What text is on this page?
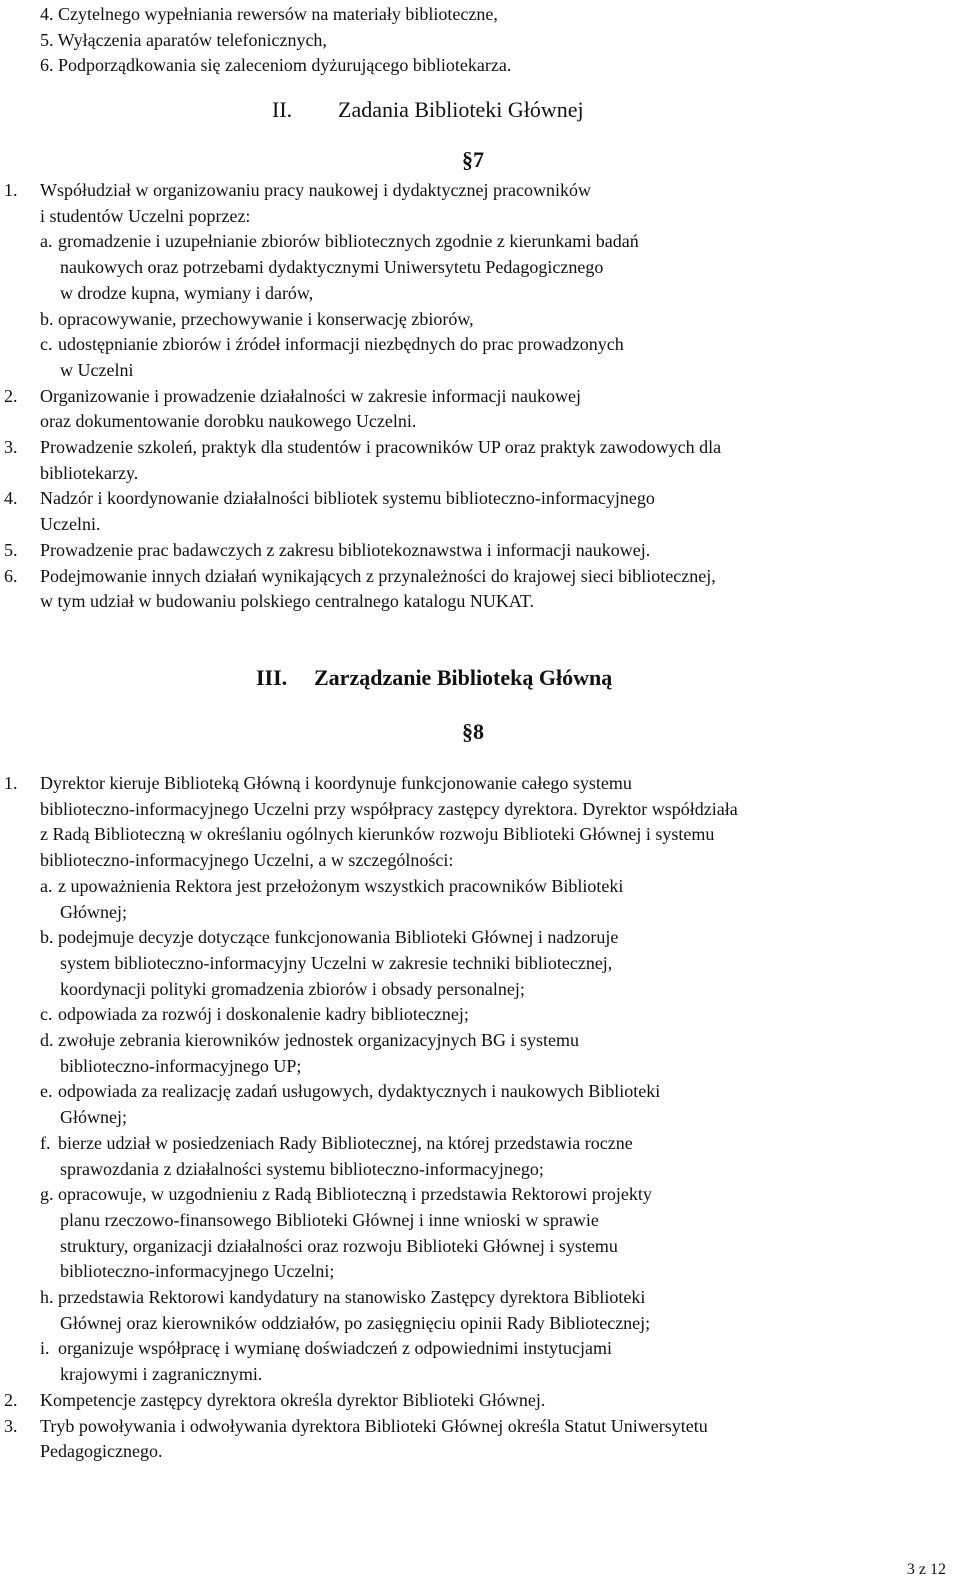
4. Czytelnego wypełniania rewersów na materiały biblioteczne,
5. Wyłączenia aparatów telefonicznych,
6. Podporządkowania się zaleceniom dyżurującego bibliotekarza.
II. Zadania Biblioteki Głównej
§7
1. Współudział w organizowaniu pracy naukowej i dydaktycznej pracowników
i studentów Uczelni poprzez:
a. gromadzenie i uzupełnianie zbiorów bibliotecznych zgodnie z kierunkami badań
naukowych oraz potrzebami dydaktycznymi Uniwersytetu Pedagogicznego
w drodze kupna, wymiany i darów,
b. opracowywanie, przechowywanie i konserwację zbiorów,
c. udostępnianie zbiorów i źródeł informacji niezbędnych do prac prowadzonych
w Uczelni
2. Organizowanie i prowadzenie działalności w zakresie informacji naukowej
oraz dokumentowanie dorobku naukowego Uczelni.
3. Prowadzenie szkoleń, praktyk dla studentów i pracowników UP oraz praktyk zawodowych dla
bibliotekarzy.
4. Nadzór i koordynowanie działalności bibliotek systemu biblioteczno-informacyjnego
Uczelni.
5. Prowadzenie prac badawczych z zakresu bibliotekoznawstwa i informacji naukowej.
6. Podejmowanie innych działań wynikających z przynależności do krajowej sieci bibliotecznej,
w tym udział w budowaniu polskiego centralnego katalogu NUKAT.
III. Zarządzanie Biblioteką Główną
§8
1. Dyrektor kieruje Biblioteką Główną i koordynuje funkcjonowanie całego systemu
biblioteczno-informacyjnego Uczelni przy współpracy zastępcy dyrektora. Dyrektor współdziała
z Radą Biblioteczną w określaniu ogólnych kierunków rozwoju Biblioteki Głównej i systemu
biblioteczno-informacyjnego Uczelni, a w szczególności:
a. z upoważnienia Rektora jest przełożonym wszystkich pracowników Biblioteki
Głównej;
b. podejmuje decyzje dotyczące funkcjonowania Biblioteki Głównej i nadzoruje
system biblioteczno-informacyjny Uczelni w zakresie techniki bibliotecznej,
koordynacji polityki gromadzenia zbiorów i obsady personalnej;
c. odpowiada za rozwój i doskonalenie kadry bibliotecznej;
d. zwołuje zebrania kierowników jednostek organizacyjnych BG i systemu
biblioteczno-informacyjnego UP;
e. odpowiada za realizację zadań usługowych, dydaktycznych i naukowych Biblioteki
Głównej;
f. bierze udział w posiedzeniach Rady Bibliotecznej, na której przedstawia roczne
sprawozdania z działalności systemu biblioteczno-informacyjnego;
g. opracowuje, w uzgodnieniu z Radą Biblioteczną i przedstawia Rektorowi projekty
planu rzeczowo-finansowego Biblioteki Głównej i inne wnioski w sprawie
struktury, organizacji działalności oraz rozwoju Biblioteki Głównej i systemu
biblioteczno-informacyjnego Uczelni;
h. przedstawia Rektorowi kandydatury na stanowisko Zastępcy dyrektora Biblioteki
Głównej oraz kierowników oddziałów, po zasięgnięciu opinii Rady Bibliotecznej;
i. organizuje współpracę i wymianę doświadczeń z odpowiednimi instytucjami
krajowymi i zagranicznymi.
2. Kompetencje zastępcy dyrektora określa dyrektor Biblioteki Głównej.
3. Tryb powoływania i odwoływania dyrektora Biblioteki Głównej określa Statut Uniwersytetu
Pedagogicznego.
3 z 12
